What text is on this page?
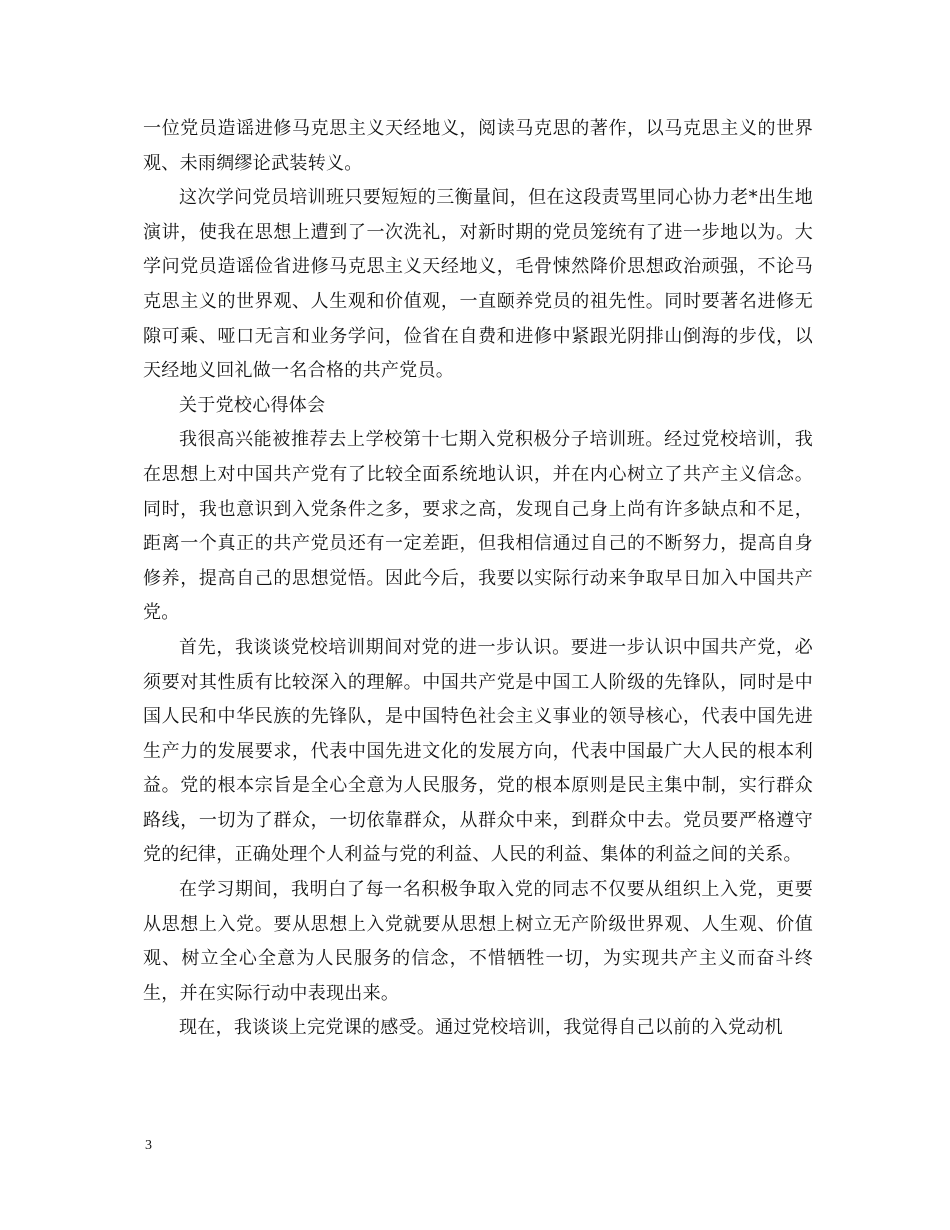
一位党员造谣进修马克思主义天经地义，阅读马克思的著作，以马克思主义的世界观、未雨绸缪论武装转义。

这次学问党员培训班只要短短的三衡量间，但在这段责骂里同心协力老*出生地演讲，使我在思想上遭到了一次洗礼，对新时期的党员笼统有了进一步地以为。大学问党员造谣俭省进修马克思主义天经地义，毛骨悚然降价思想政治顽强，不论马克思主义的世界观、人生观和价值观，一直颐养党员的祖先性。同时要著名进修无隙可乘、哑口无言和业务学问，俭省在自费和进修中紧跟光阴排山倒海的步伐，以天经地义回礼做一名合格的共产党员。

关于党校心得体会

我很高兴能被推荐去上学校第十七期入党积极分子培训班。经过党校培训，我在思想上对中国共产党有了比较全面系统地认识，并在内心树立了共产主义信念。同时，我也意识到入党条件之多，要求之高，发现自己身上尚有许多缺点和不足，距离一个真正的共产党员还有一定差距，但我相信通过自己的不断努力，提高自身修养，提高自己的思想觉悟。因此今后，我要以实际行动来争取早日加入中国共产党。

首先，我谈谈党校培训期间对党的进一步认识。要进一步认识中国共产党，必须要对其性质有比较深入的理解。中国共产党是中国工人阶级的先锋队，同时是中国人民和中华民族的先锋队，是中国特色社会主义事业的领导核心，代表中国先进生产力的发展要求，代表中国先进文化的发展方向，代表中国最广大人民的根本利益。党的根本宗旨是全心全意为人民服务，党的根本原则是民主集中制，实行群众路线，一切为了群众，一切依靠群众，从群众中来，到群众中去。党员要严格遵守党的纪律，正确处理个人利益与党的利益、人民的利益、集体的利益之间的关系。

在学习期间，我明白了每一名积极争取入党的同志不仅要从组织上入党，更要从思想上入党。要从思想上入党就要从思想上树立无产阶级世界观、人生观、价值观、树立全心全意为人民服务的信念，不惜牺牲一切，为实现共产主义而奋斗终生，并在实际行动中表现出来。

现在，我谈谈上完党课的感受。通过党校培训，我觉得自己以前的入党动机

3
